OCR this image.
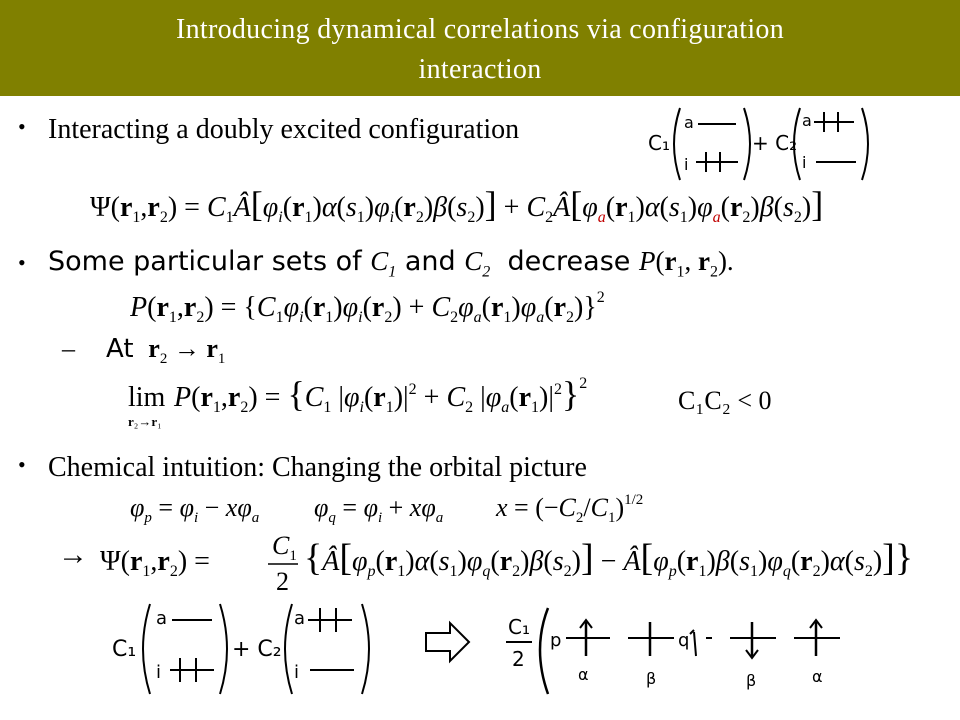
Introducing dynamical correlations via configuration
interaction
• Interacting a doubly excited configuration	C₁
a
i
+ C₂
a
i
$\Psi(r_1,r_2)$ = $C_1Â[\varphi_i(r_1)\alpha(s_1)\varphi_i(r_2)\beta(s_2)]$ + $C_2Â[\varphi_a(r_1)\alpha(s_1)\varphi_a(r_2)\beta(s_2)]$
• Some particular sets of $C_1$ and $C_2$ decrease $P(r_1$, $r_2$).
$P(r_1,r_2) = \{C_1\varphi_i(r_1)\varphi_i(r_2) + C_2\varphi_a(r_1)\varphi_a(r_2)\}^2$
– At $r_2 \to r_1$
lim
r₂→r₁
$P(r_1,r_2) = \{C_1$ $|\varphi_i(r_1)|^2 + C_2$ $|\varphi_a(r_1)|^2\}^2$
C₁C₂ < 0
• Chemical intuition: Changing the orbital picture
$\varphi_p = \varphi_i - x\varphi_a$ $\varphi_q = \varphi_i + x\varphi_a$ $x = (-C_2/C_1)^{1/2}$
→ $\Psi(r_1,r_2)$ =
$C_1$
2
{$Â[\varphi_p(r_1)\alpha(s_1)\varphi_q(r_2)\beta(s_2)]$ − $Â[\varphi_p(r_1)\beta(s_1)\varphi_q(r_2)\alpha(s_2)]$}
C₁
a
i
+ C₂
a
i
C₁
2
p
α
q
β	β	α
